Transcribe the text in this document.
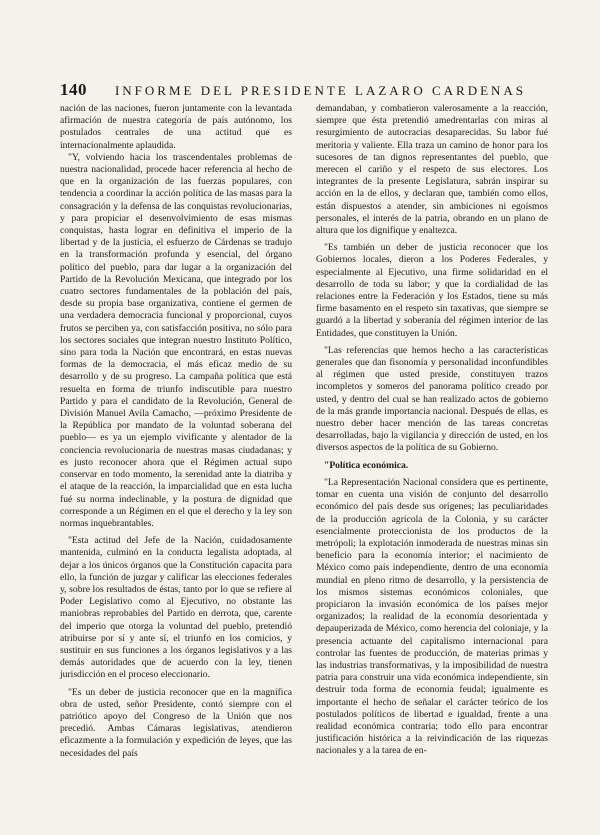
140	INFORME DEL PRESIDENTE LAZARO CARDENAS

nación de las naciones, fueron juntamente con la levantada afirmación de nuestra categoría de país autónomo, los postulados centrales de una actitud que es internacionalmente aplaudida.

"Y, volviendo hacia los trascendentales problemas de nuestra nacionalidad, procede hacer referencia al hecho de que en la organización de las fuerzas populares, con tendencia a coordinar la acción política de las masas para la consagración y la defensa de las conquistas revolucionarias, y para propiciar el desenvolvimiento de esas mismas conquistas, hasta lograr en definitiva el imperio de la libertad y de la justicia, el esfuerzo de Cárdenas se tradujo en la transformación profunda y esencial, del órgano político del pueblo, para dar lugar a la organización del Partido de la Revolución Mexicana, que integrado por los cuatro sectores fundamentales de la población del país, desde su propia base organizativa, contiene el germen de una verdadera democracia funcional y proporcional, cuyos frutos se perciben ya, con satisfacción positiva, no sólo para los sectores sociales que integran nuestro Instituto Político, sino para toda la Nación que encontrará, en estas nuevas formas de la democracia, el más eficaz medio de su desarrollo y de su progreso. La campaña política que está resuelta en forma de triunfo indiscutible para nuestro Partido y para el candidato de la Revolución, General de División Manuel Avila Camacho, —próximo Presidente de la República por mandato de la voluntad soberana del pueblo— es ya un ejemplo vivificante y alentador de la conciencia revolucionaria de nuestras masas ciudadanas; y es justo reconocer ahora que el Régimen actual supo conservar en todo momento, la serenidad ante la diatriba y el ataque de la reacción, la imparcialidad que en esta lucha fué su norma indeclinable, y la postura de dignidad que corresponde a un Régimen en el que el derecho y la ley son normas inquebrantables.

"Esta actitud del Jefe de la Nación, cuidadosamente mantenida, culminó en la conducta legalista adoptada, al dejar a los únicos órganos que la Constitución capacita para ello, la función de juzgar y calificar las elecciones federales y, sobre los resultados de éstas, tanto por lo que se refiere al Poder Legislativo como al Ejecutivo, no obstante las maniobras reprobables del Partido en derrota, que, carente del imperio que otorga la voluntad del pueblo, pretendió atribuirse por sí y ante sí, el triunfo en los comicios, y sustituir en sus funciones a los órganos legislativos y a las demás autoridades que de acuerdo con la ley, tienen jurisdicción en el proceso eleccionario.

"Es un deber de justicia reconocer que en la magnífica obra de usted, señor Presidente, contó siempre con el patriótico apoyo del Congreso de la Unión que nos precedió. Ambas Cámaras legislativas, atendieron eficazmente a la formulación y expedición de leyes, que las necesidades del país

demandaban, y combatieron valerosamente a la reacción, siempre que ésta pretendió amedrentarlas con miras al resurgimiento de autocracias desaparecidas. Su labor fué meritoria y valiente. Ella traza un camino de honor para los sucesores de tan dignos representantes del pueblo, que merecen el cariño y el respeto de sus electores. Los integrantes de la presente Legislatura, sabrán inspirar su acción en la de ellos, y declaran que, también como ellos, están dispuestos a atender, sin ambiciones ni egoísmos personales, el interés de la patria, obrando en un plano de altura que los dignifique y enaltezca.

"Es también un deber de justicia reconocer que los Gobiernos locales, dieron a los Poderes Federales, y especialmente al Ejecutivo, una firme solidaridad en el desarrollo de toda su labor; y que la cordialidad de las relaciones entre la Federación y los Estados, tiene su más firme basamento en el respeto sin taxativas, que siempre se guardó a la libertad y soberanía del régimen interior de las Entidades, que constituyen la Unión.

"Las referencias que hemos hecho a las características generales que dan fisonomía y personalidad inconfundibles al régimen que usted preside, constituyen trazos incompletos y someros del panorama político creado por usted, y dentro del cual se han realizado actos de gobierno de la más grande importancia nacional. Después de ellas, es nuestro deber hacer mención de las tareas concretas desarrolladas, bajo la vigilancia y dirección de usted, en los diversos aspectos de la política de su Gobierno.

"Política económica.

"La Representación Nacional considera que es pertinente, tomar en cuenta una visión de conjunto del desarrollo económico del país desde sus orígenes; las peculiaridades de la producción agrícola de la Colonia, y su carácter esencialmente proteccionista de los productos de la metrópoli; la explotación inmoderada de nuestras minas sin beneficio para la economía interior; el nacimiento de México como país independiente, dentro de una economía mundial en pleno ritmo de desarrollo, y la persistencia de los mismos sistemas económicos coloniales, que propiciaron la invasión económica de los países mejor organizados; la realidad de la economía desorientada y depauperizada de México, como herencia del coloniaje, y la presencia actuante del capitalismo internacional para controlar las fuentes de producción, de materias primas y las industrias transformativas, y la imposibilidad de nuestra patria para construir una vida económica independiente, sin destruir toda forma de economía feudal; igualmente es importante el hecho de señalar el carácter teórico de los postulados políticos de libertad e igualdad, frente a una realidad económica contraria; todo ello para encontrar justificación histórica a la reivindicación de las riquezas nacionales y a la tarea de en-
